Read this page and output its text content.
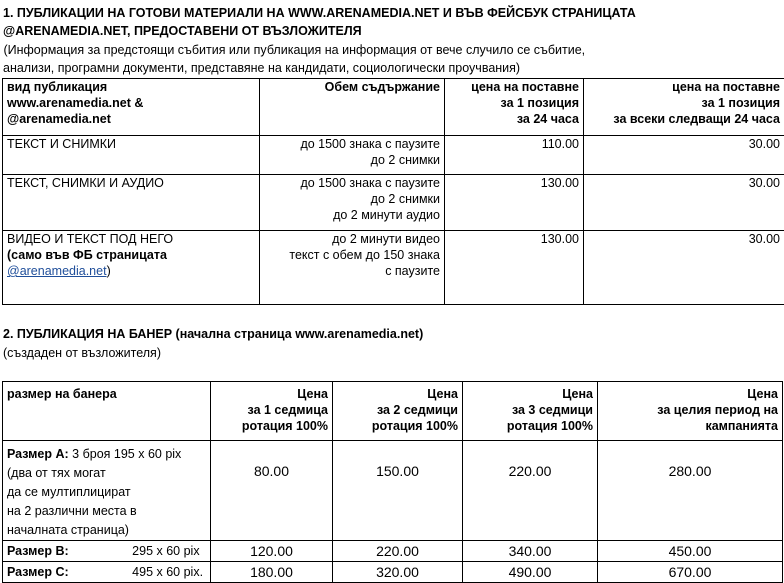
1. ПУБЛИКАЦИИ НА ГОТОВИ МАТЕРИАЛИ НА WWW.ARENAMEDIA.NET И ВЪВ ФЕЙСБУК СТРАНИЦАТА
@ARENAMEDIA.NET, ПРЕДОСТАВЕНИ ОТ ВЪЗЛОЖИТЕЛЯ
(Информация за предстоящи събития или публикация на информация от вече случило се събитие,
анализи, програмни документи, представяне на кандидати, социологически проучвания)
вид публикация
www.arenamedia.net &
@arenamedia.net	Обем съдържание	цена на поставне
за 1 позиция
за 24 часа	цена на поставне
за 1 позиция
за всеки следващи 24 часа

ТЕКСТ И СНИМКИ	до 1500 знака с паузите
до 2 снимки	110.00	30.00

ТЕКСТ, СНИМКИ И АУДИО	до 1500 знака с паузите
до 2 снимки
до 2 минути аудио	130.00	30.00

ВИДЕО И ТЕКСТ ПОД НЕГО
(само във ФБ страницата
@arenamedia.net)	до 2 минути видео
текст с обем до 150 знака
с паузите	130.00	30.00
2. ПУБЛИКАЦИЯ НА БАНЕР (начална страница www.arenamedia.net)
(създаден от възложителя)
размер на банера	Цена
за 1 седмица
ротация 100%	Цена
за 2 седмици
ротация 100%	Цена
за 3 седмици
ротация 100%	Цена
за целия период на
кампанията

Размер А: 3 броя 195 х 60 pix
(два от тях могат
да се мултиплицират
на 2 различни места в
началната страница)	80.00	150.00	220.00	280.00
Размер В: 295 х 60 pix	120.00	220.00	340.00	450.00
Размер С: 495 х 60 pix.	180.00	320.00	490.00	670.00
